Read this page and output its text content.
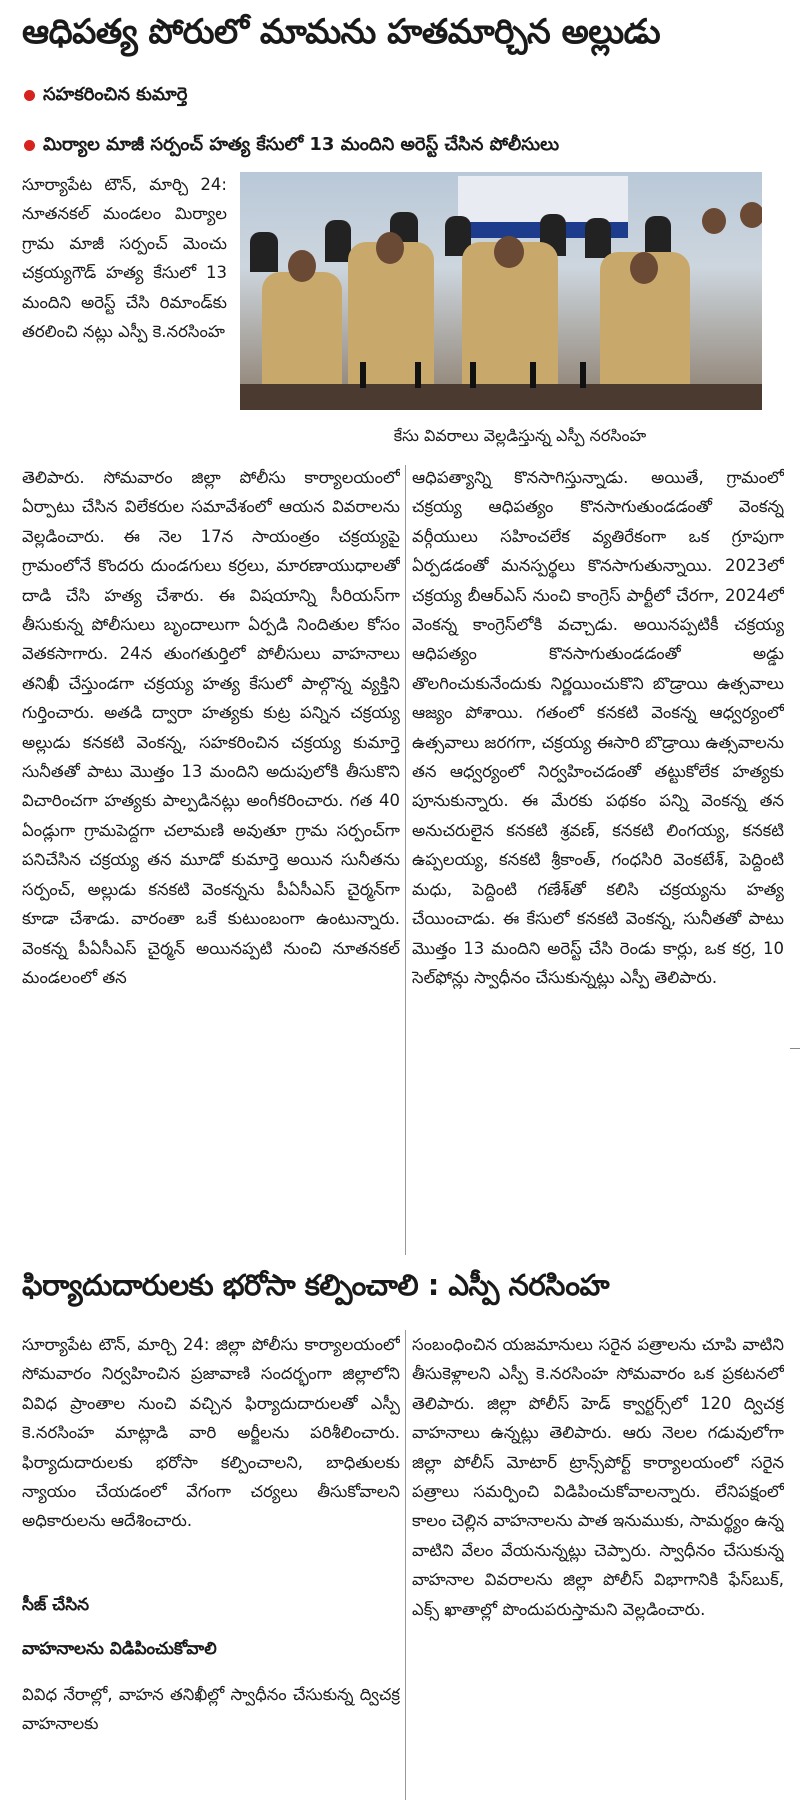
ఆధిపత్య పోరులో మామను హతమార్చిన అల్లుడు
సహకరించిన కుమార్తె
మిర్యాల మాజీ సర్పంచ్ హత్య కేసులో 13 మందిని అరెస్ట్ చేసిన పోలీసులు
సూర్యాపేట టౌన్, మార్చి 24: నూతనకల్ మండలం మిర్యాల గ్రామ మాజీ సర్పంచ్ మెంచు చక్రయ్యగౌడ్ హత్య కేసులో 13 మందిని అరెస్ట్ చేసి రిమాండ్‌కు తరలించి నట్లు ఎస్పీ కె.నరసింహ
కేసు వివరాలు వెల్లడిస్తున్న ఎస్పీ నరసింహ
తెలిపారు. సోమవారం జిల్లా పోలీసు కార్యాలయంలో ఏర్పాటు చేసిన విలేకరుల సమావేశంలో ఆయన వివరాలను వెల్లడించారు. ఈ నెల 17న సాయంత్రం చక్రయ్యపై గ్రామంలోనే కొందరు దుండగులు కర్రలు, మారణాయుధాలతో దాడి చేసి హత్య చేశారు. ఈ విషయాన్ని సీరియస్‌గా తీసుకున్న పోలీసులు బృందాలుగా ఏర్పడి నిందితుల కోసం వెతకసాగారు. 24న తుంగతుర్తిలో పోలీసులు వాహనాలు తనిఖీ చేస్తుండగా చక్రయ్య హత్య కేసులో పాల్గొన్న వ్యక్తిని గుర్తించారు. అతడి ద్వారా హత్యకు కుట్ర పన్నిన చక్రయ్య అల్లుడు కనకటి వెంకన్న, సహకరించిన చక్రయ్య కుమార్తె సునీతతో పాటు మొత్తం 13 మందిని అదుపులోకి తీసుకొని విచారించగా హత్యకు పాల్పడినట్లు అంగీకరించారు. గత 40 ఏండ్లుగా గ్రామపెద్దగా చలామణి అవుతూ గ్రామ సర్పంచ్‌గా పనిచేసిన చక్రయ్య తన మూడో కుమార్తె అయిన సునీతను సర్పంచ్, అల్లుడు కనకటి వెంకన్నను పీఏసీఎస్ చైర్మన్‌గా కూడా చేశాడు. వారంతా ఒకే కుటుంబంగా ఉంటున్నారు. వెంకన్న పీఏసీఎస్ చైర్మన్ అయినప్పటి నుంచి నూతనకల్ మండలంలో తన
ఆధిపత్యాన్ని కొనసాగిస్తున్నాడు. అయితే, గ్రామంలో చక్రయ్య ఆధిపత్యం కొనసాగుతుండడంతో వెంకన్న వర్గీయులు సహించలేక వ్యతిరేకంగా ఒక గ్రూపుగా ఏర్పడడంతో మనస్పర్థలు కొనసాగుతున్నాయి. 2023లో చక్రయ్య బీఆర్ఎస్ నుంచి కాంగ్రెస్ పార్టీలో చేరగా, 2024లో వెంకన్న కాంగ్రెస్‌లోకి వచ్చాడు. అయినప్పటికీ చక్రయ్య ఆధిపత్యం కొనసాగుతుండడంతో అడ్డు తొలగించుకునేందుకు నిర్ణయించుకొని బొడ్రాయి ఉత్సవాలు ఆజ్యం పోశాయి. గతంలో కనకటి వెంకన్న ఆధ్వర్యంలో ఉత్సవాలు జరగగా, చక్రయ్య ఈసారి బొడ్రాయి ఉత్సవాలను తన ఆధ్వర్యంలో నిర్వహించడంతో తట్టుకోలేక హత్యకు పూనుకున్నారు. ఈ మేరకు పథకం పన్ని వెంకన్న తన అనుచరులైన కనకటి శ్రవణ్, కనకటి లింగయ్య, కనకటి ఉప్పలయ్య, కనకటి శ్రీకాంత్, గంధసిరి వెంకటేశ్, పెద్దింటి మధు, పెద్దింటి గణేశ్‌తో కలిసి చక్రయ్యను హత్య చేయించాడు. ఈ కేసులో కనకటి వెంకన్న, సునీతతో పాటు మొత్తం 13 మందిని అరెస్ట్ చేసి రెండు కార్లు, ఒక కర్ర, 10 సెల్‌ఫోన్లు స్వాధీనం చేసుకున్నట్లు ఎస్పీ తెలిపారు.
ఫిర్యాదుదారులకు భరోసా కల్పించాలి : ఎస్పీ నరసింహ
సూర్యాపేట టౌన్, మార్చి 24: జిల్లా పోలీసు కార్యాలయంలో సోమవారం నిర్వహించిన ప్రజావాణి సందర్భంగా జిల్లాలోని వివిధ ప్రాంతాల నుంచి వచ్చిన ఫిర్యాదుదారులతో ఎస్పీ కె.నరసింహ మాట్లాడి వారి అర్జీలను పరిశీలించారు. ఫిర్యాదుదారులకు భరోసా కల్పించాలని, బాధితులకు న్యాయం చేయడంలో వేగంగా చర్యలు తీసుకోవాలని అధికారులను ఆదేశించారు.
సీజ్ చేసిన
వాహనాలను విడిపించుకోవాలి
వివిధ నేరాల్లో, వాహన తనిఖీల్లో స్వాధీనం చేసుకున్న ద్విచక్ర వాహనాలకు
సంబంధించిన యజమానులు సరైన పత్రాలను చూపి వాటిని తీసుకెళ్లాలని ఎస్పీ కె.నరసింహ సోమవారం ఒక ప్రకటనలో తెలిపారు. జిల్లా పోలీస్ హెడ్ క్వార్టర్స్‌లో 120 ద్విచక్ర వాహనాలు ఉన్నట్లు తెలిపారు. ఆరు నెలల గడువులోగా జిల్లా పోలీస్ మోటార్ ట్రాన్స్‌పోర్ట్ కార్యాలయంలో సరైన పత్రాలు సమర్పించి విడిపించుకోవాలన్నారు. లేనిపక్షంలో కాలం చెల్లిన వాహనాలను పాత ఇనుముకు, సామర్థ్యం ఉన్న వాటిని వేలం వేయనున్నట్లు చెప్పారు. స్వాధీనం చేసుకున్న వాహనాల వివరాలను జిల్లా పోలీస్ విభాగానికి ఫేస్‌బుక్, ఎక్స్ ఖాతాల్లో పొందుపరుస్తామని వెల్లడించారు.
